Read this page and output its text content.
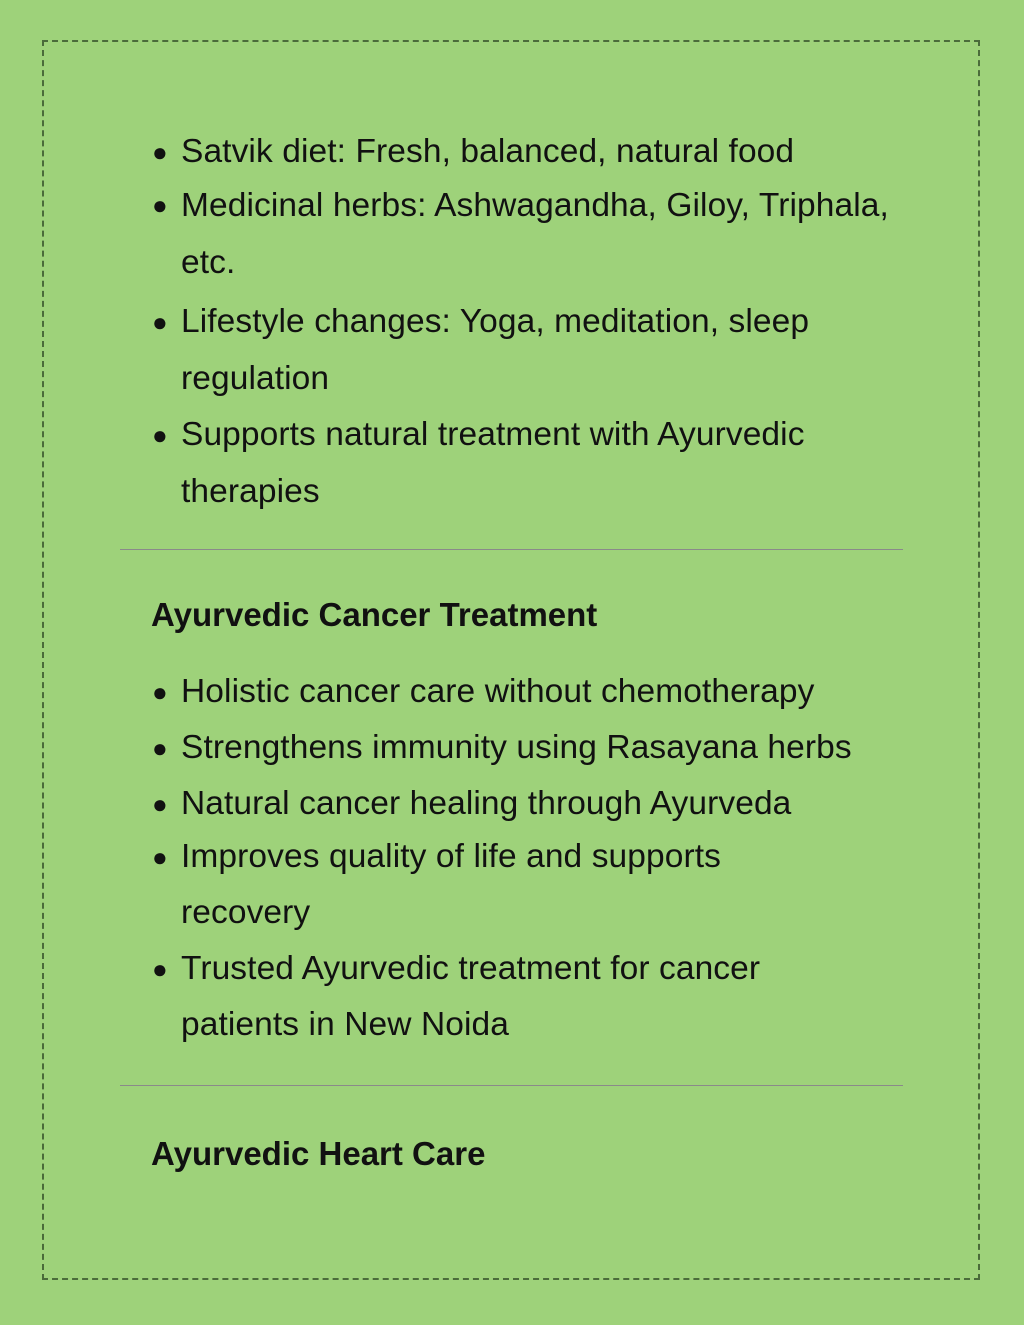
● Satvik diet: Fresh, balanced, natural food
● Medicinal herbs: Ashwagandha, Giloy, Triphala, etc.
● Lifestyle changes: Yoga, meditation, sleep regulation
● Supports natural treatment with Ayurvedic therapies
Ayurvedic Cancer Treatment
● Holistic cancer care without chemotherapy
● Strengthens immunity using Rasayana herbs
● Natural cancer healing through Ayurveda
● Improves quality of life and supports recovery
● Trusted Ayurvedic treatment for cancer patients in New Noida
Ayurvedic Heart Care
